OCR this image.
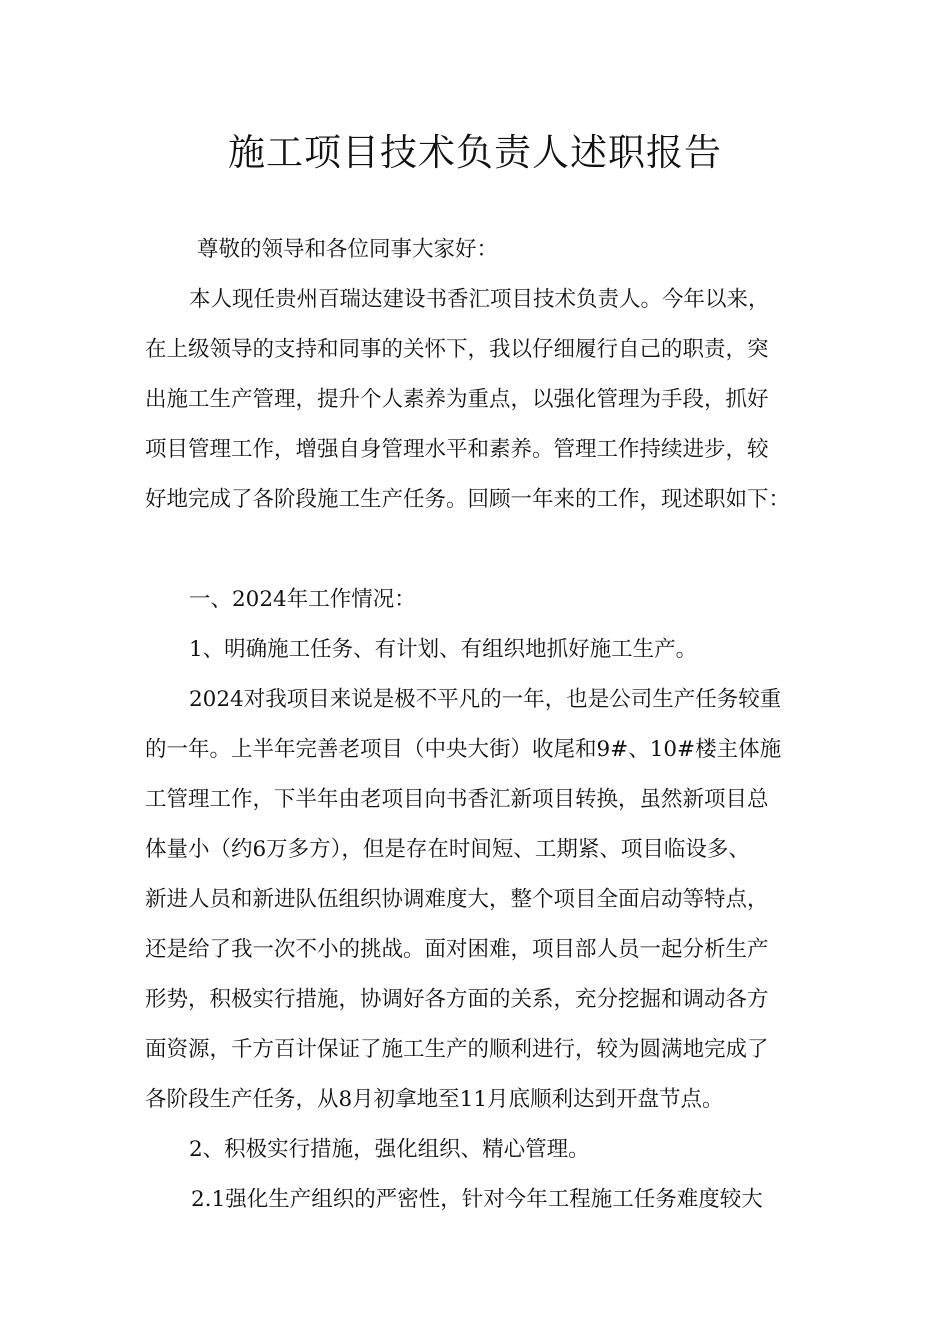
施工项目技术负责人述职报告

尊敬的领导和各位同事大家好：

本人现任贵州百瑞达建设书香汇项目技术负责人。今年以来，

在上级领导的支持和同事的关怀下，我以仔细履行自己的职责，突

出施工生产管理，提升个人素养为重点，以强化管理为手段，抓好

项目管理工作，增强自身管理水平和素养。管理工作持续进步，较

好地完成了各阶段施工生产任务。回顾一年来的工作，现述职如下：

一、2024年工作情况：

1、明确施工任务、有计划、有组织地抓好施工生产。

2024对我项目来说是极不平凡的一年，也是公司生产任务较重

的一年。上半年完善老项目（中央大街）收尾和9#、10#楼主体施

工管理工作，下半年由老项目向书香汇新项目转换，虽然新项目总

体量小（约6万多方），但是存在时间短、工期紧、项目临设多、

新进人员和新进队伍组织协调难度大，整个项目全面启动等特点，

还是给了我一次不小的挑战。面对困难，项目部人员一起分析生产

形势，积极实行措施，协调好各方面的关系，充分挖掘和调动各方

面资源，千方百计保证了施工生产的顺利进行，较为圆满地完成了

各阶段生产任务，从8月初拿地至11月底顺利达到开盘节点。

2、积极实行措施，强化组织、精心管理。

2.1强化生产组织的严密性，针对今年工程施工任务难度较大
